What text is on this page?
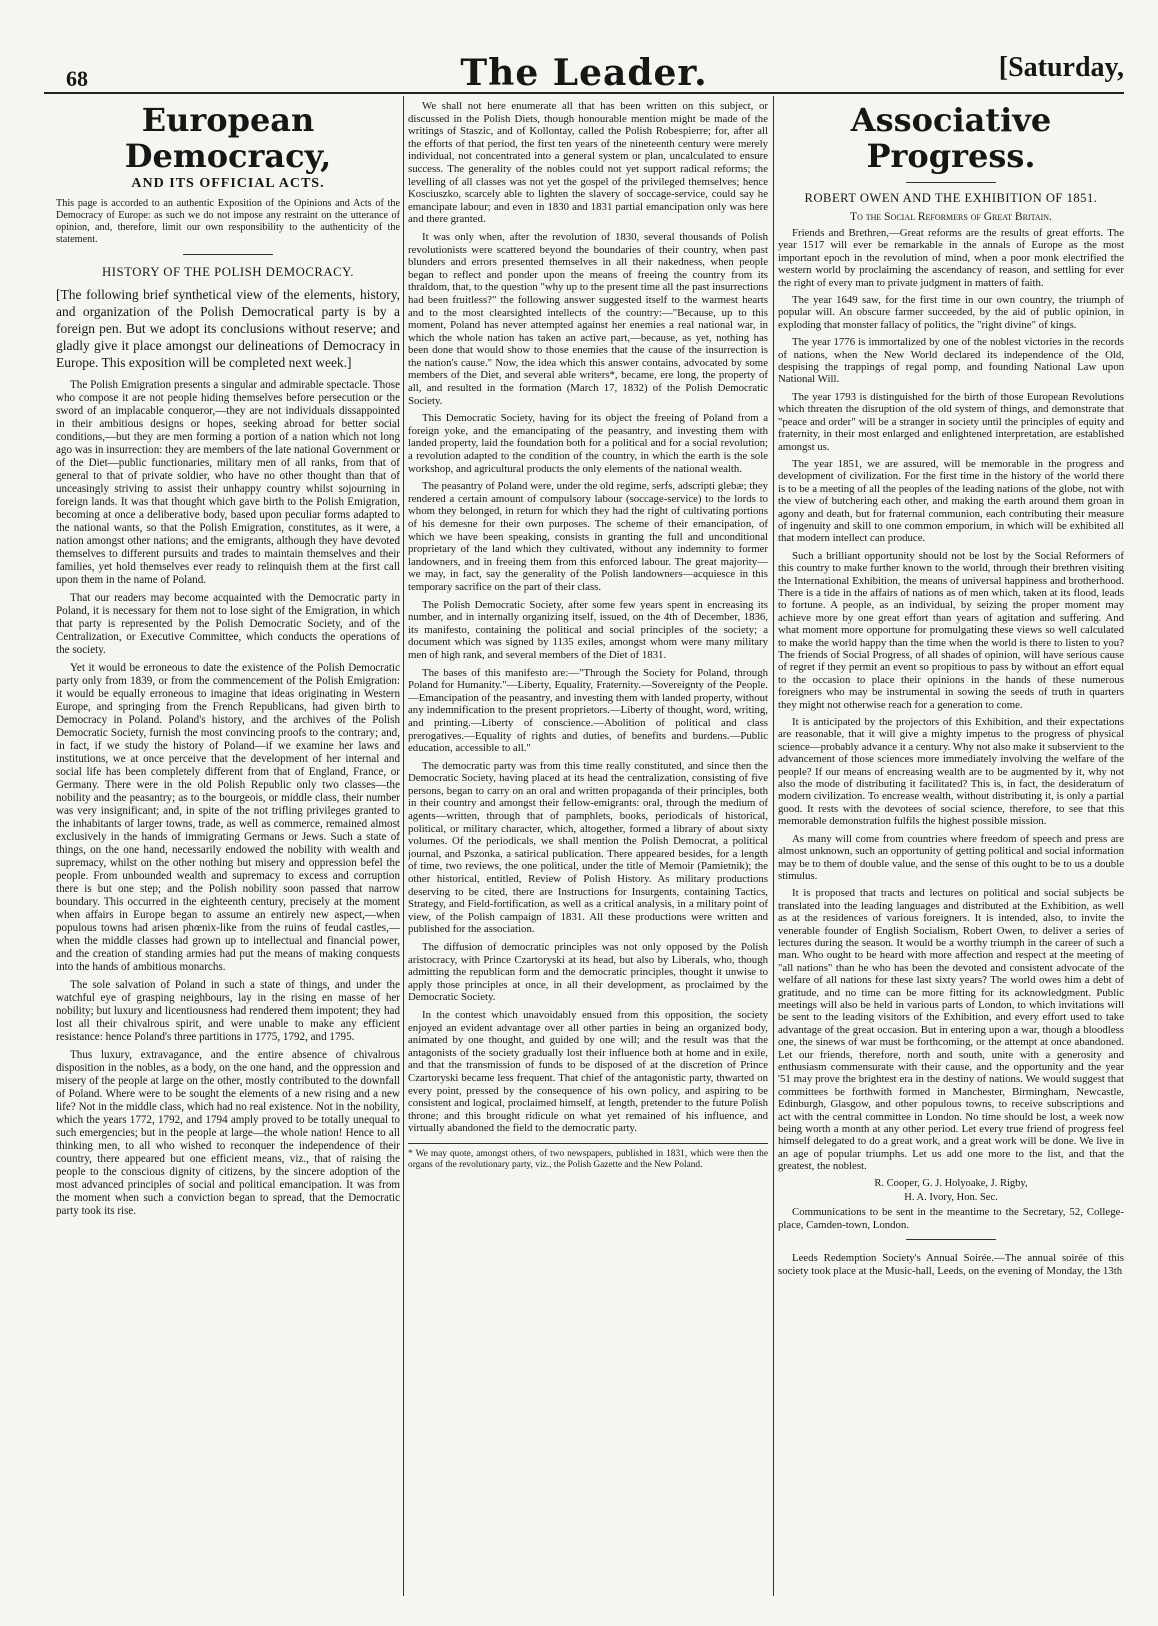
68	The Leader.	[Saturday,
European Democracy,
AND ITS OFFICIAL ACTS.
This page is accorded to an authentic Exposition of the Opinions and Acts of the Democracy of Europe: as such we do not impose any restraint on the utterance of opinion, and, therefore, limit our own responsibility to the authenticity of the statement.
HISTORY OF THE POLISH DEMOCRACY.
[The following brief synthetical view of the elements, history, and organization of the Polish Democratical party is by a foreign pen. But we adopt its conclusions without reserve; and gladly give it place amongst our delineations of Democracy in Europe. This exposition will be completed next week.]

The Polish Emigration presents a singular and admirable spectacle. Those who compose it are not people hiding themselves before persecution or the sword of an implacable conqueror,—they are not individuals dissappointed in their ambitious designs or hopes, seeking abroad for better social conditions,—but they are men forming a portion of a nation which not long ago was in insurrection: they are members of the late national Government or of the Diet—public functionaries, military men of all ranks, from that of general to that of private soldier, who have no other thought than that of unceasingly striving to assist their unhappy country whilst sojourning in foreign lands. It was that thought which gave birth to the Polish Emigration, becoming at once a deliberative body, based upon peculiar forms adapted to the national wants, so that the Polish Emigration, constitutes, as it were, a nation amongst other nations; and the emigrants, although they have devoted themselves to different pursuits and trades to maintain themselves and their families, yet hold themselves ever ready to relinquish them at the first call upon them in the name of Poland.

That our readers may become acquainted with the Democratic party in Poland, it is necessary for them not to lose sight of the Emigration, in which that party is represented by the Polish Democratic Society, and of the Centralization, or Executive Committee, which conducts the operations of the society.

Yet it would be erroneous to date the existence of the Polish Democratic party only from 1839, or from the commencement of the Polish Emigration: it would be equally erroneous to imagine that ideas originating in Western Europe, and springing from the French Republicans, had given birth to Democracy in Poland. Poland's history, and the archives of the Polish Democratic Society, furnish the most convincing proofs to the contrary; and, in fact, if we study the history of Poland—if we examine her laws and institutions, we at once perceive that the development of her internal and social life has been completely different from that of England, France, or Germany. There were in the old Polish Republic only two classes—the nobility and the peasantry; as to the bourgeois, or middle class, their number was very insignificant; and, in spite of the not trifling privileges granted to the inhabitants of larger towns, trade, as well as commerce, remained almost exclusively in the hands of immigrating Germans or Jews. Such a state of things, on the one hand, necessarily endowed the nobility with wealth and supremacy, whilst on the other nothing but misery and oppression befel the people. From unbounded wealth and supremacy to excess and corruption there is but one step; and the Polish nobility soon passed that narrow boundary. This occurred in the eighteenth century, precisely at the moment when affairs in Europe began to assume an entirely new aspect,—when populous towns had arisen phœnix-like from the ruins of feudal castles,—when the middle classes had grown up to intellectual and financial power, and the creation of standing armies had put the means of making conquests into the hands of ambitious monarchs.

The sole salvation of Poland in such a state of things, and under the watchful eye of grasping neighbours, lay in the rising en masse of her nobility; but luxury and licentiousness had rendered them impotent; they had lost all their chivalrous spirit, and were unable to make any efficient resistance: hence Poland's three partitions in 1775, 1792, and 1795.

Thus luxury, extravagance, and the entire absence of chivalrous disposition in the nobles, as a body, on the one hand, and the oppression and misery of the people at large on the other, mostly contributed to the downfall of Poland. Where were to be sought the elements of a new rising and a new life? Not in the middle class, which had no real existence. Not in the nobility, which the years 1772, 1792, and 1794 amply proved to be totally unequal to such emergencies; but in the people at large—the whole nation! Hence to all thinking men, to all who wished to reconquer the independence of their country, there appeared but one efficient means, viz., that of raising the people to the conscious dignity of citizens, by the sincere adoption of the most advanced principles of social and political emancipation. It was from the moment when such a conviction began to spread, that the Democratic party took its rise.

We shall not here enumerate all that has been written on this subject, or discussed in the Polish Diets, though honourable mention might be made of the writings of Staszic, and of Kollontay, called the Polish Robespierre; for, after all the efforts of that period, the first ten years of the nineteenth century were merely individual, not concentrated into a general system or plan, uncalculated to ensure success. The generality of the nobles could not yet support radical reforms; the levelling of all classes was not yet the gospel of the privileged themselves; hence Kosciuszko, scarcely able to lighten the slavery of soccage-service, could say he emancipate labour; and even in 1830 and 1831 partial emancipation only was here and there granted.

It was only when, after the revolution of 1830, several thousands of Polish revolutionists were scattered beyond the boundaries of their country, when past blunders and errors presented themselves in all their nakedness, when people began to reflect and ponder upon the means of freeing the country from its thraldom, that, to the question "why up to the present time all the past insurrections had been fruitless?" the following answer suggested itself to the warmest hearts and to the most clearsighted intellects of the country:—"Because, up to this moment, Poland has never attempted against her enemies a real national war, in which the whole nation has taken an active part,—because, as yet, nothing has been done that would show to those enemies that the cause of the insurrection is the nation's cause." Now, the idea which this answer contains, advocated by some members of the Diet, and several able writers*, became, ere long, the property of all, and resulted in the formation (March 17, 1832) of the Polish Democratic Society.

This Democratic Society, having for its object the freeing of Poland from a foreign yoke, and the emancipating of the peasantry, and investing them with landed property, laid the foundation both for a political and for a social revolution; a revolution adapted to the condition of the country, in which the earth is the sole workshop, and agricultural products the only elements of the national wealth.

The peasantry of Poland were, under the old regime, serfs, adscripti glebæ; they rendered a certain amount of compulsory labour (soccage-service) to the lords to whom they belonged, in return for which they had the right of cultivating portions of his demesne for their own purposes. The scheme of their emancipation, of which we have been speaking, consists in granting the full and unconditional proprietary of the land which they cultivated, without any indemnity to former landowners, and in freeing them from this enforced labour. The great majority—we may, in fact, say the generality of the Polish landowners—acquiesce in this temporary sacrifice on the part of their class.

The Polish Democratic Society, after some few years spent in encreasing its number, and in internally organizing itself, issued, on the 4th of December, 1836, its manifesto, containing the political and social principles of the society; a document which was signed by 1135 exiles, amongst whom were many military men of high rank, and several members of the Diet of 1831.

The bases of this manifesto are:—"Through the Society for Poland, through Poland for Humanity."—Liberty, Equality, Fraternity.—Sovereignty of the People.—Emancipation of the peasantry, and investing them with landed property, without any indemnification to the present proprietors.—Liberty of thought, word, writing, and printing.—Liberty of conscience.—Abolition of political and class prerogatives.—Equality of rights and duties, of benefits and burdens.—Public education, accessible to all."

The democratic party was from this time really constituted, and since then the Democratic Society, having placed at its head the centralization, consisting of five persons, began to carry on an oral and written propaganda of their principles, both in their country and amongst their fellow-emigrants: oral, through the medium of agents—written, through that of pamphlets, books, periodicals of historical, political, or military character, which, altogether, formed a library of about sixty volumes. Of the periodicals, we shall mention the Polish Democrat, a political journal, and Pszonka, a satirical publication. There appeared besides, for a length of time, two reviews, the one political, under the title of Memoir (Pamietnik); the other historical, entitled, Review of Polish History. As military productions deserving to be cited, there are Instructions for Insurgents, containing Tactics, Strategy, and Field-fortification, as well as a critical analysis, in a military point of view, of the Polish campaign of 1831. All these productions were written and published for the association.

The diffusion of democratic principles was not only opposed by the Polish aristocracy, with Prince Czartoryski at its head, but also by Liberals, who, though admitting the republican form and the democratic principles, thought it unwise to apply those principles at once, in all their development, as proclaimed by the Democratic Society.

In the contest which unavoidably ensued from this opposition, the society enjoyed an evident advantage over all other parties in being an organized body, animated by one thought, and guided by one will; and the result was that the antagonists of the society gradually lost their influence both at home and in exile, and that the transmission of funds to be disposed of at the discretion of Prince Czartoryski became less frequent. That chief of the antagonistic party, thwarted on every point, pressed by the consequence of his own policy, and aspiring to be consistent and logical, proclaimed himself, at length, pretender to the future Polish throne; and this brought ridicule on what yet remained of his influence, and virtually abandoned the field to the democratic party.

* We may quote, amongst others, of two newspapers, published in 1831, which were then the organs of the revolutionary party, viz., the Polish Gazette and the New Poland.
Associative Progress.
ROBERT OWEN AND THE EXHIBITION OF 1851.
To the Social Reformers of Great Britain.

Friends and Brethren,—Great reforms are the results of great efforts. The year 1517 will ever be remarkable in the annals of Europe as the most important epoch in the revolution of mind, when a poor monk electrified the western world by proclaiming the ascendancy of reason, and settling for ever the right of every man to private judgment in matters of faith.

The year 1649 saw, for the first time in our own country, the triumph of popular will. An obscure farmer succeeded, by the aid of public opinion, in exploding that monster fallacy of politics, the "right divine" of kings.

The year 1776 is immortalized by one of the noblest victories in the records of nations, when the New World declared its independence of the Old, despising the trappings of regal pomp, and founding National Law upon National Will.

The year 1793 is distinguished for the birth of those European Revolutions which threaten the disruption of the old system of things, and demonstrate that "peace and order" will be a stranger in society until the principles of equity and fraternity, in their most enlarged and enlightened interpretation, are established amongst us.

The year 1851, we are assured, will be memorable in the progress and development of civilization. For the first time in the history of the world there is to be a meeting of all the peoples of the leading nations of the globe, not with the view of butchering each other, and making the earth around them groan in agony and death, but for fraternal communion, each contributing their measure of ingenuity and skill to one common emporium, in which will be exhibited all that modern intellect can produce.

Such a brilliant opportunity should not be lost by the Social Reformers of this country to make further known to the world, through their brethren visiting the International Exhibition, the means of universal happiness and brotherhood. There is a tide in the affairs of nations as of men which, taken at its flood, leads to fortune. A people, as an individual, by seizing the proper moment may achieve more by one great effort than years of agitation and suffering. And what moment more opportune for promulgating these views so well calculated to make the world happy than the time when the world is there to listen to you? The friends of Social Progress, of all shades of opinion, will have serious cause of regret if they permit an event so propitious to pass by without an effort equal to the occasion to place their opinions in the hands of these numerous foreigners who may be instrumental in sowing the seeds of truth in quarters they might not otherwise reach for a generation to come.

It is anticipated by the projectors of this Exhibition, and their expectations are reasonable, that it will give a mighty impetus to the progress of physical science—probably advance it a century. Why not also make it subservient to the advancement of those sciences more immediately involving the welfare of the people? If our means of encreasing wealth are to be augmented by it, why not also the mode of distributing it facilitated? This is, in fact, the desideratum of modern civilization. To encrease wealth, without distributing it, is only a partial good. It rests with the devotees of social science, therefore, to see that this memorable demonstration fulfils the highest possible mission.

As many will come from countries where freedom of speech and press are almost unknown, such an opportunity of getting political and social information may be to them of double value, and the sense of this ought to be to us a double stimulus.

It is proposed that tracts and lectures on political and social subjects be translated into the leading languages and distributed at the Exhibition, as well as at the residences of various foreigners. It is intended, also, to invite the venerable founder of English Socialism, Robert Owen, to deliver a series of lectures during the season. It would be a worthy triumph in the career of such a man. Who ought to be heard with more affection and respect at the meeting of "all nations" than he who has been the devoted and consistent advocate of the welfare of all nations for these last sixty years? The world owes him a debt of gratitude, and no time can be more fitting for its acknowledgment. Public meetings will also be held in various parts of London, to which invitations will be sent to the leading visitors of the Exhibition, and every effort used to take advantage of the great occasion. But in entering upon a war, though a bloodless one, the sinews of war must be forthcoming, or the attempt at once abandoned. Let our friends, therefore, north and south, unite with a generosity and enthusiasm commensurate with their cause, and the opportunity and the year '51 may prove the brightest era in the destiny of nations. We would suggest that committees be forthwith formed in Manchester, Birmingham, Newcastle, Edinburgh, Glasgow, and other populous towns, to receive subscriptions and act with the central committee in London. No time should be lost, a week now being worth a month at any other period. Let every true friend of progress feel himself delegated to do a great work, and a great work will be done. We live in an age of popular triumphs. Let us add one more to the list, and that the greatest, the noblest.

R. Cooper, G. J. Holyoake, J. Rigby,
H. A. Ivory, Hon. Sec.

Communications to be sent in the meantime to the Secretary, 52, College-place, Camden-town, London.

Leeds Redemption Society's Annual Soirée.—The annual soirée of this society took place at the Music-hall, Leeds, on the evening of Monday, the 13th
